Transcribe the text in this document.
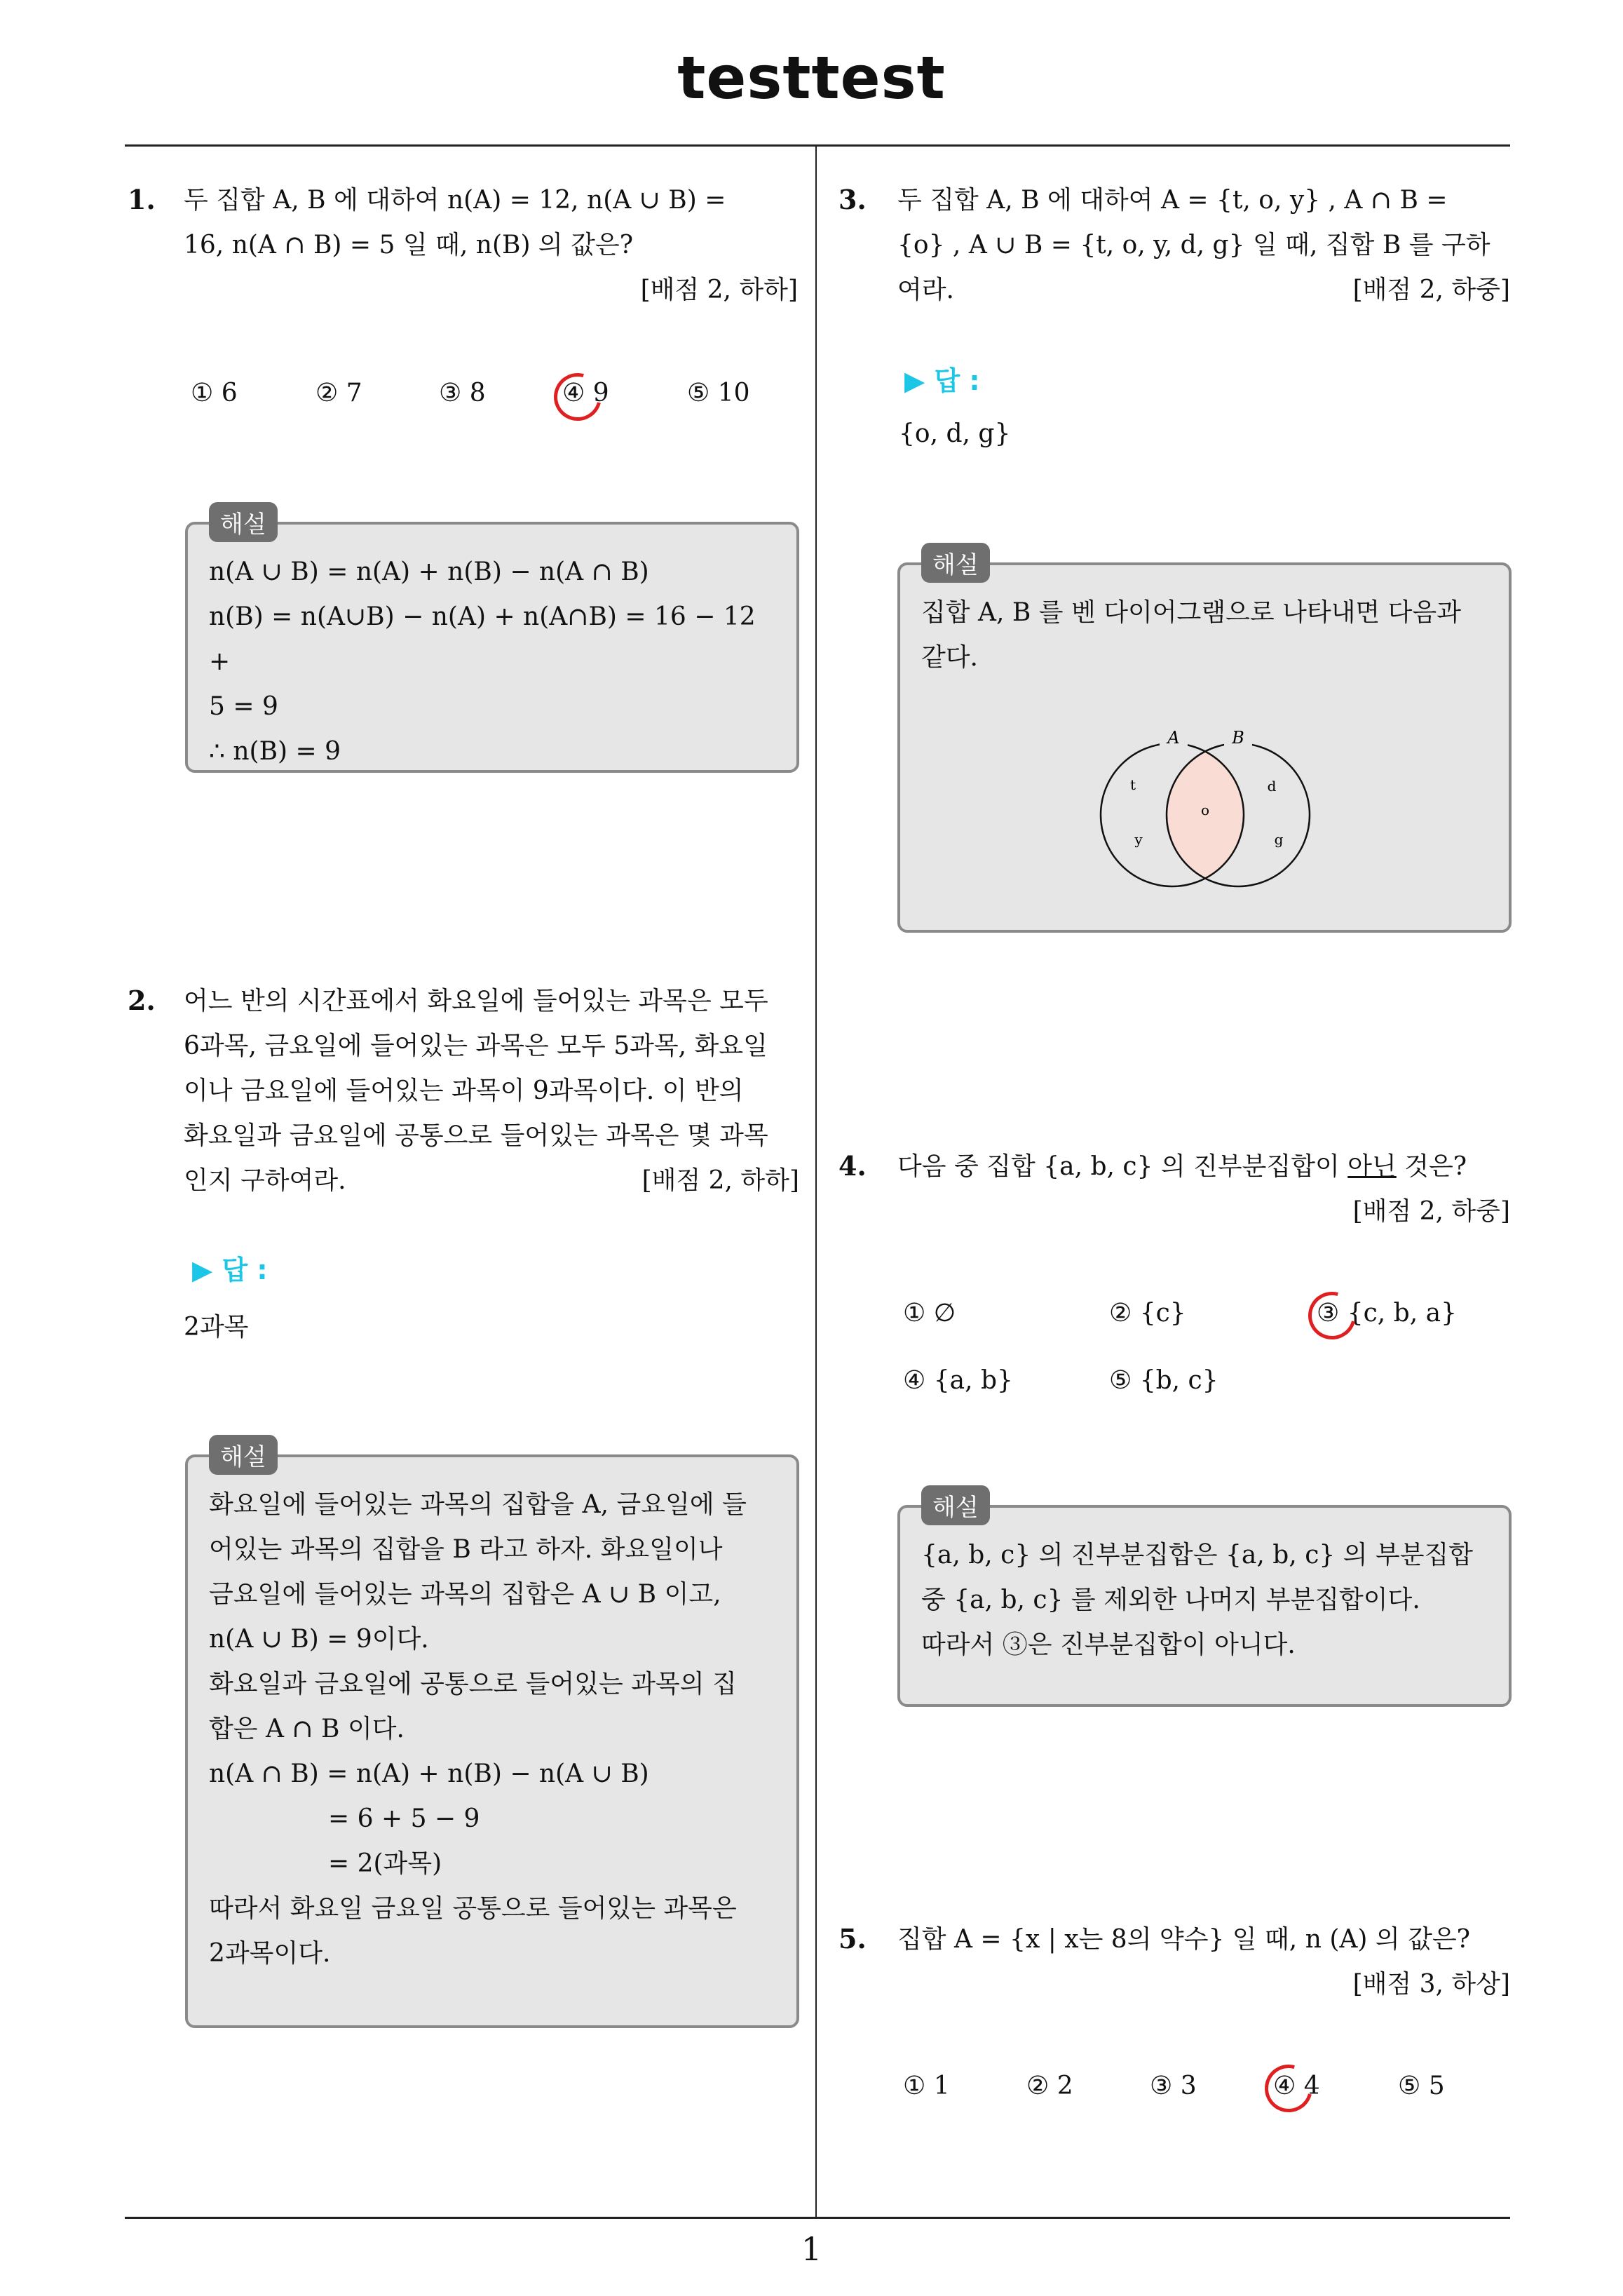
testtest
1. 두 집합 A, B 에 대하여 n(A) = 12, n(A ∪ B) =
16, n(A ∩ B) = 5 일 때, n(B) 의 값은?
[배점 2, 하하]
① 6	② 7	③ 8	④ 9	⑤ 10
n(A ∪ B) = n(A) + n(B) − n(A ∩ B)
n(B) = n(A∪B) − n(A) + n(A∩B) = 16 − 12 +
5 = 9
∴ n(B) = 9
해설
2. 어느 반의 시간표에서 화요일에 들어있는 과목은 모두
6과목, 금요일에 들어있는 과목은 모두 5과목, 화요일
이나 금요일에 들어있는 과목이 9과목이다. 이 반의
화요일과 금요일에 공통으로 들어있는 과목은 몇 과목
인지 구하여라.	[배점 2, 하하]
▶ 답 :
2과목
화요일에 들어있는 과목의 집합을 A, 금요일에 들
어있는 과목의 집합을 B 라고 하자. 화요일이나
금요일에 들어있는 과목의 집합은 A ∪ B 이고,
n(A ∪ B) = 9이다.
화요일과 금요일에 공통으로 들어있는 과목의 집
합은 A ∩ B 이다.
n(A ∩ B) = n(A) + n(B) − n(A ∪ B)
= 6 + 5 − 9
= 2(과목)
따라서 화요일 금요일 공통으로 들어있는 과목은
2과목이다.
해설
3. 두 집합 A, B 에 대하여 A = {t, o, y} , A ∩ B =
{o} , A ∪ B = {t, o, y, d, g} 일 때, 집합 B 를 구하
여라.	[배점 2, 하중]
▶ 답 :
{o, d, g}
집합 A, B 를 벤 다이어그램으로 나타내면 다음과
같다.
A	B
t
y
o
d
g
해설
4. 다음 중 집합 {a, b, c} 의 진부분집합이 아닌 것은?
[배점 2, 하중]
① ∅	② {c}	③ {c, b, a}
④ {a, b}	⑤ {b, c}
{a, b, c} 의 진부분집합은 {a, b, c} 의 부분집합
중 {a, b, c} 를 제외한 나머지 부분집합이다.
따라서 ③은 진부분집합이 아니다.
해설
5. 집합 A = {x | x는 8의 약수} 일 때, n (A) 의 값은?
[배점 3, 하상]
① 1	② 2	③ 3	④ 4	⑤ 5
1
